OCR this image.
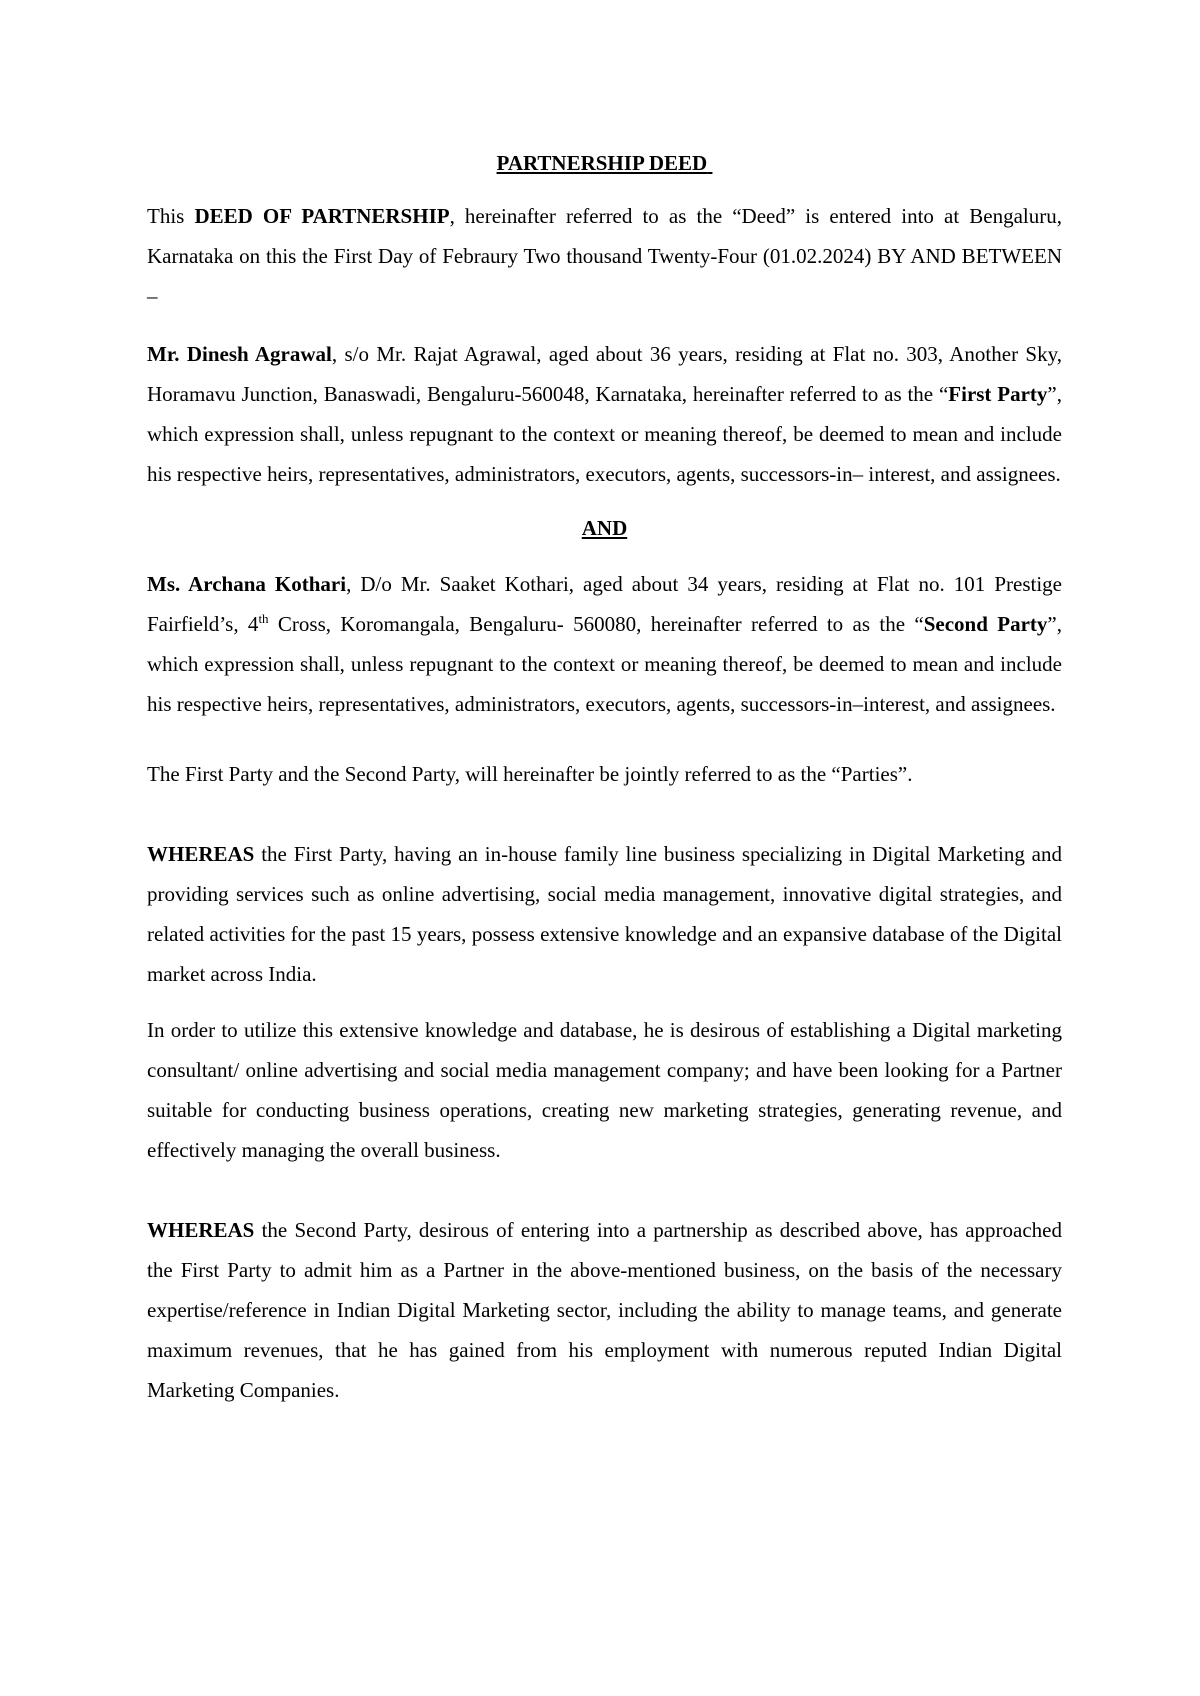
PARTNERSHIP DEED

This DEED OF PARTNERSHIP, hereinafter referred to as the “Deed” is entered into at Bengaluru, Karnataka on this the First Day of Febraury Two thousand Twenty-Four (01.02.2024) BY AND BETWEEN –

Mr. Dinesh Agrawal, s/o Mr. Rajat Agrawal, aged about 36 years, residing at Flat no. 303, Another Sky, Horamavu Junction, Banaswadi, Bengaluru-560048, Karnataka, hereinafter referred to as the “First Party”, which expression shall, unless repugnant to the context or meaning thereof, be deemed to mean and include his respective heirs, representatives, administrators, executors, agents, successors-in– interest, and assignees.

AND

Ms. Archana Kothari, D/o Mr. Saaket Kothari, aged about 34 years, residing at Flat no. 101 Prestige Fairfield’s, 4th Cross, Koromangala, Bengaluru- 560080, hereinafter referred to as the “Second Party”, which expression shall, unless repugnant to the context or meaning thereof, be deemed to mean and include his respective heirs, representatives, administrators, executors, agents, successors-in–interest, and assignees.

The First Party and the Second Party, will hereinafter be jointly referred to as the “Parties”.

WHEREAS the First Party, having an in-house family line business specializing in Digital Marketing and providing services such as online advertising, social media management, innovative digital strategies, and related activities for the past 15 years, possess extensive knowledge and an expansive database of the Digital market across India.

In order to utilize this extensive knowledge and database, he is desirous of establishing a Digital marketing consultant/ online advertising and social media management company; and have been looking for a Partner suitable for conducting business operations, creating new marketing strategies, generating revenue, and effectively managing the overall business.

WHEREAS the Second Party, desirous of entering into a partnership as described above, has approached the First Party to admit him as a Partner in the above-mentioned business, on the basis of the necessary expertise/reference in Indian Digital Marketing sector, including the ability to manage teams, and generate maximum revenues, that he has gained from his employment with numerous reputed Indian Digital Marketing Companies.
